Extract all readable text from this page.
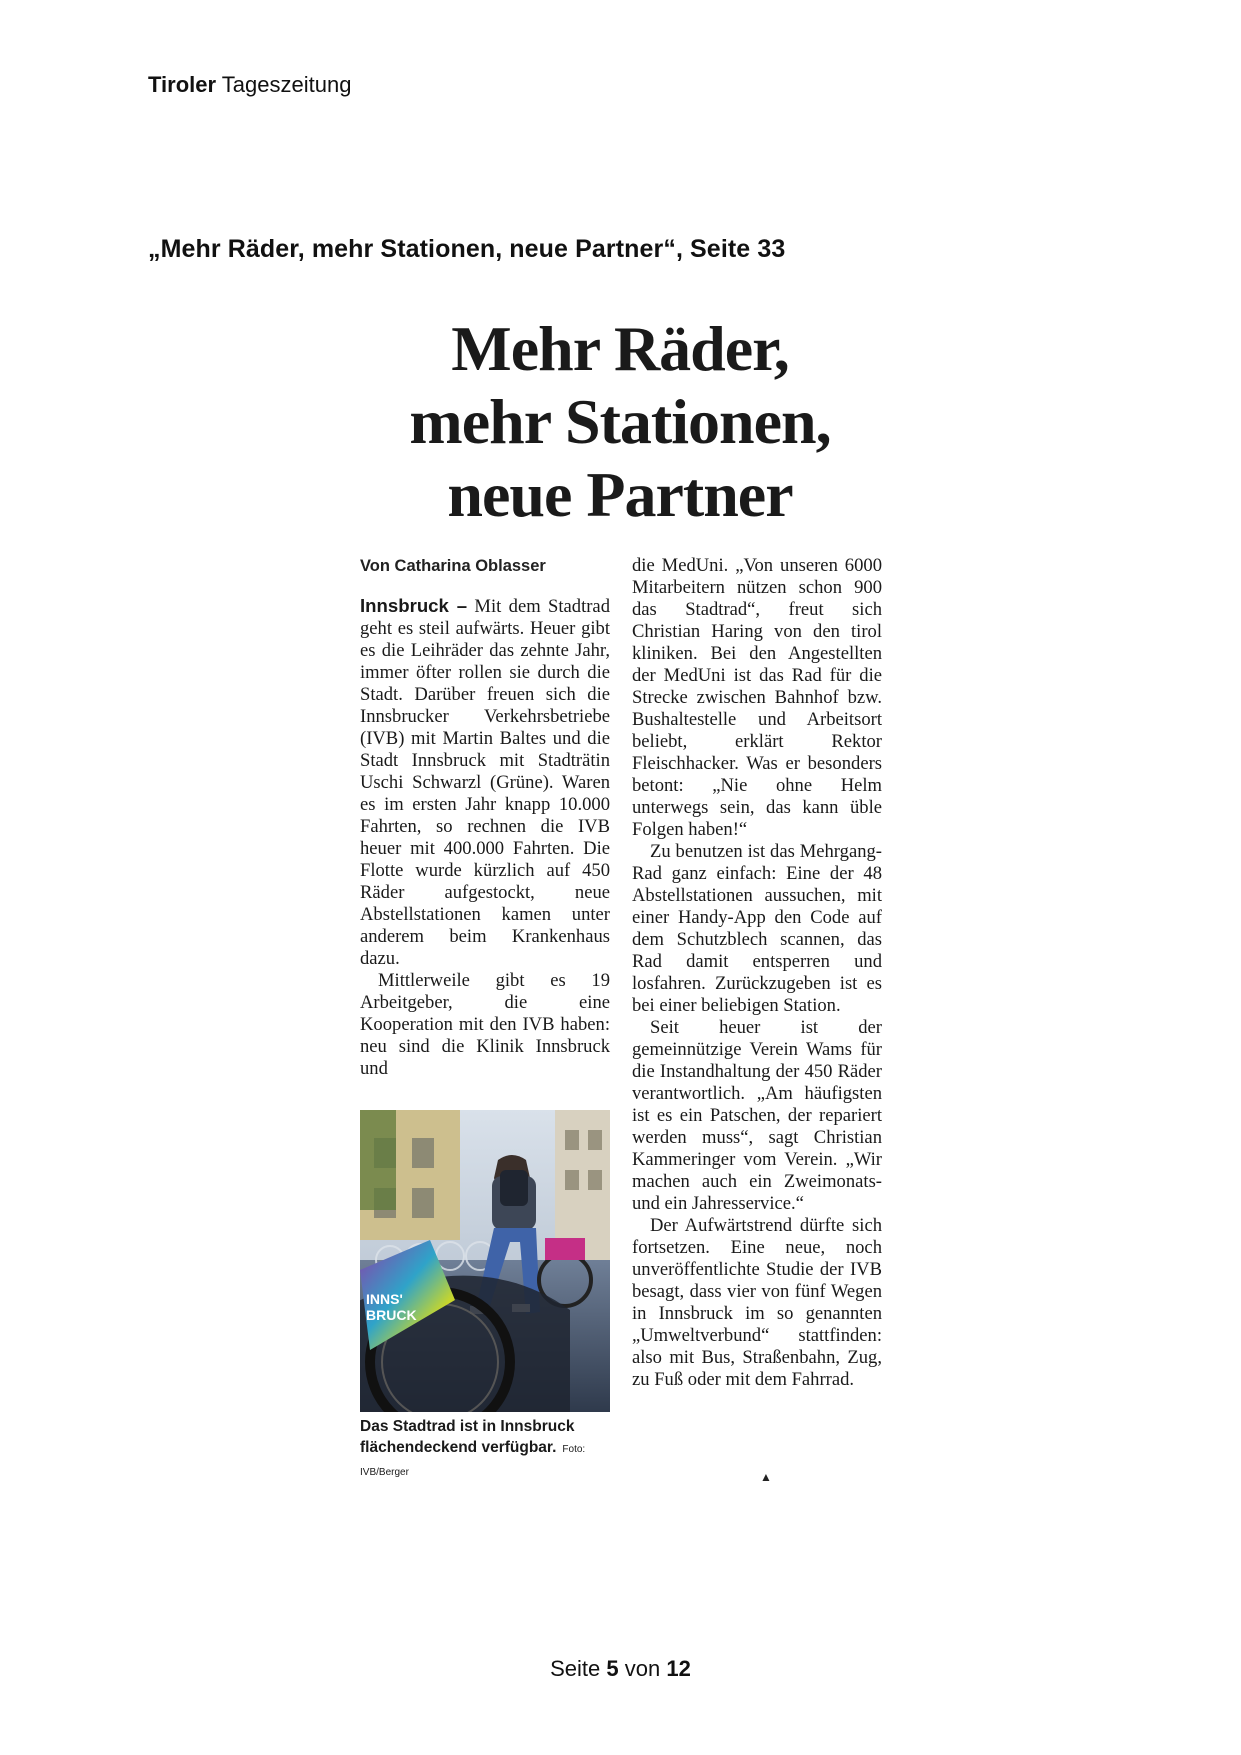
Tiroler Tageszeitung
„Mehr Räder, mehr Stationen, neue Partner“, Seite 33
Mehr Räder,
mehr Stationen,
neue Partner
Von Catharina Oblasser

Innsbruck – Mit dem Stadtrad geht es steil aufwärts. Heuer gibt es die Leihräder das zehnte Jahr, immer öfter rollen sie durch die Stadt. Darüber freuen sich die Innsbrucker Verkehrsbetriebe (IVB) mit Martin Baltes und die Stadt Innsbruck mit Stadträtin Uschi Schwarzl (Grüne). Waren es im ersten Jahr knapp 10.000 Fahrten, so rechnen die IVB heuer mit 400.000 Fahrten. Die Flotte wurde kürzlich auf 450 Räder aufgestockt, neue Abstellstationen kamen unter anderem beim Krankenhaus dazu.

Mittlerweile gibt es 19 Arbeitgeber, die eine Kooperation mit den IVB haben: neu sind die Klinik Innsbruck und

die MedUni. „Von unseren 6000 Mitarbeitern nützen schon 900 das Stadtrad“, freut sich Christian Haring von den tirol kliniken. Bei den Angestellten der MedUni ist das Rad für die Strecke zwischen Bahnhof bzw. Bushaltestelle und Arbeitsort beliebt, erklärt Rektor Fleischhacker. Was er besonders betont: „Nie ohne Helm unterwegs sein, das kann üble Folgen haben!“

Zu benutzen ist das Mehrgang-Rad ganz einfach: Eine der 48 Abstellstationen aussuchen, mit einer Handy-App den Code auf dem Schutzblech scannen, das Rad damit entsperren und losfahren. Zurückzugeben ist es bei einer beliebigen Station.

Seit heuer ist der gemeinnützige Verein Wams für die Instandhaltung der 450 Räder verantwortlich. „Am häufigsten ist es ein Patschen, der repariert werden muss“, sagt Christian Kammeringer vom Verein. „Wir machen auch ein Zweimonats- und ein Jahresservice.“

Der Aufwärtstrend dürfte sich fortsetzen. Eine neue, noch unveröffentlichte Studie der IVB besagt, dass vier von fünf Wegen in Innsbruck im so genannten „Umweltverbund“ stattfinden: also mit Bus, Straßenbahn, Zug, zu Fuß oder mit dem Fahrrad.

INNS'
BRUCK
Das Stadtrad ist in Innsbruck flächendeckend verfügbar. Foto: IVB/Berger	▲
Seite 5 von 12
